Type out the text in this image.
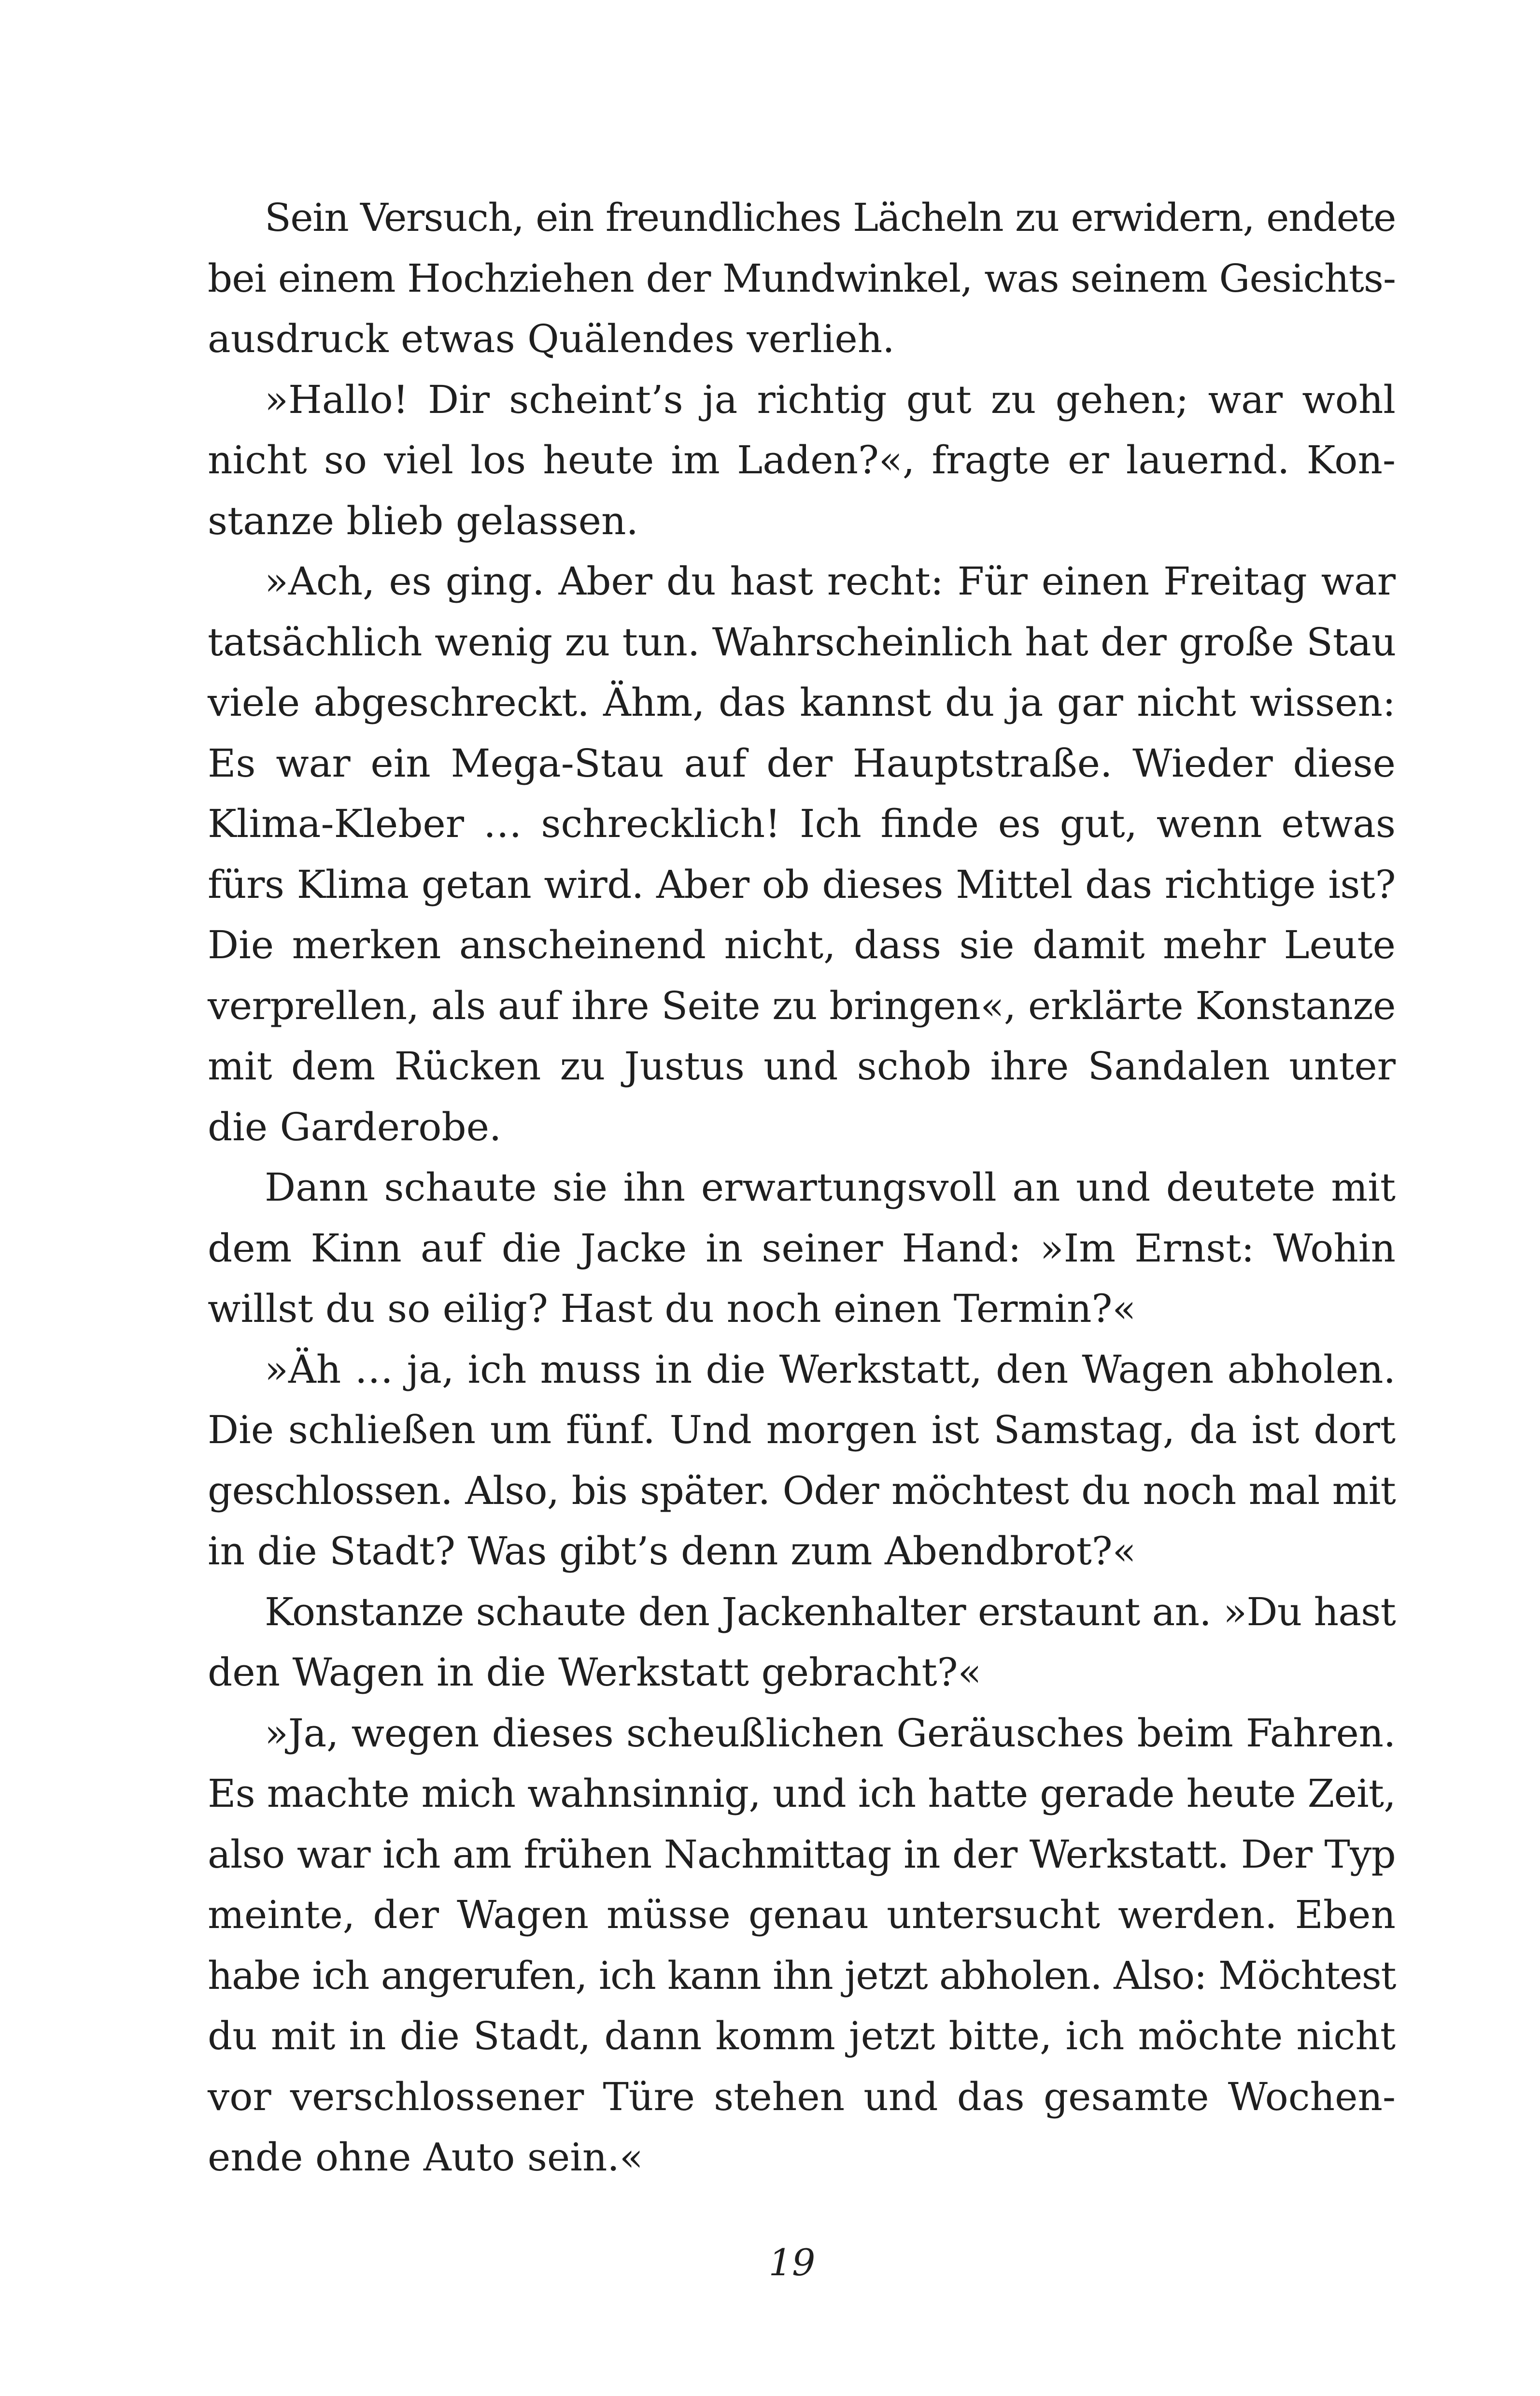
Sein Versuch, ein freundliches Lächeln zu erwidern, endete
bei einem Hochziehen der Mundwinkel, was seinem Gesichts-
ausdruck etwas Quälendes verlieh.
»Hallo! Dir scheint’s ja richtig gut zu gehen; war wohl
nicht so viel los heute im Laden?«, fragte er lauernd. Kon-
stanze blieb gelassen.
»Ach, es ging. Aber du hast recht: Für einen Freitag war
tatsächlich wenig zu tun. Wahrscheinlich hat der große Stau
viele abgeschreckt. Ähm, das kannst du ja gar nicht wissen:
Es war ein Mega-Stau auf der Hauptstraße. Wieder diese
Klima-Kleber … schrecklich! Ich finde es gut, wenn etwas
fürs Klima getan wird. Aber ob dieses Mittel das richtige ist?
Die merken anscheinend nicht, dass sie damit mehr Leute
verprellen, als auf ihre Seite zu bringen«, erklärte Konstanze
mit dem Rücken zu Justus und schob ihre Sandalen unter
die Garderobe.
Dann schaute sie ihn erwartungsvoll an und deutete mit
dem Kinn auf die Jacke in seiner Hand: »Im Ernst: Wohin
willst du so eilig? Hast du noch einen Termin?«
»Äh … ja, ich muss in die Werkstatt, den Wagen abholen.
Die schließen um fünf. Und morgen ist Samstag, da ist dort
geschlossen. Also, bis später. Oder möchtest du noch mal mit
in die Stadt? Was gibt’s denn zum Abendbrot?«
Konstanze schaute den Jackenhalter erstaunt an. »Du hast
den Wagen in die Werkstatt gebracht?«
»Ja, wegen dieses scheußlichen Geräusches beim Fahren.
Es machte mich wahnsinnig, und ich hatte gerade heute Zeit,
also war ich am frühen Nachmittag in der Werkstatt. Der Typ
meinte, der Wagen müsse genau untersucht werden. Eben
habe ich angerufen, ich kann ihn jetzt abholen. Also: Möchtest
du mit in die Stadt, dann komm jetzt bitte, ich möchte nicht
vor verschlossener Türe stehen und das gesamte Wochen-
ende ohne Auto sein.«
19
